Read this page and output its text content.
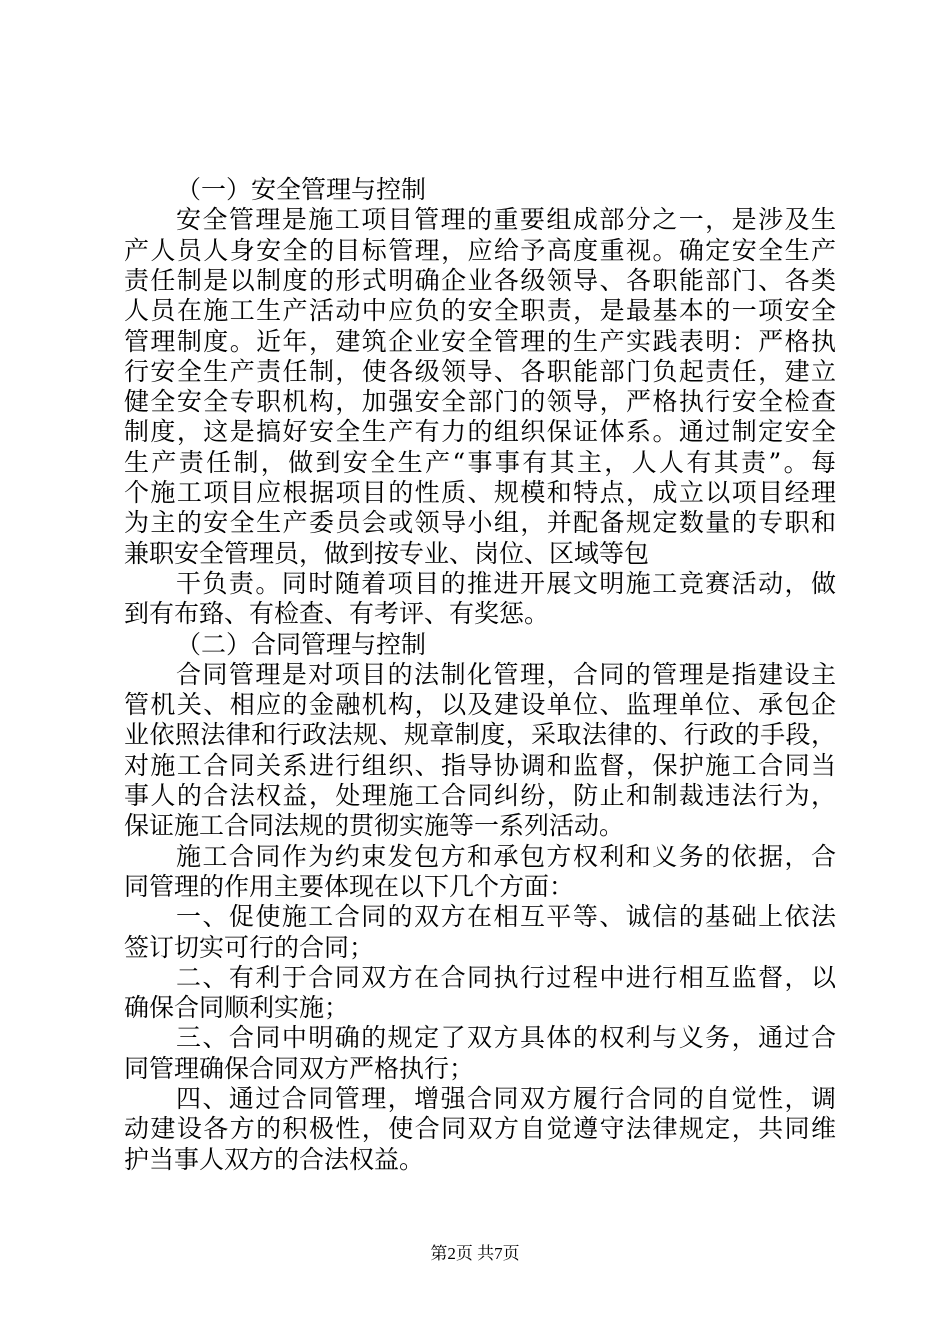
（一）安全管理与控制
安全管理是施工项目管理的重要组成部分之一，是涉及生
产人员人身安全的目标管理，应给予高度重视。确定安全生产
责任制是以制度的形式明确企业各级领导、各职能部门、各类
人员在施工生产活动中应负的安全职责，是最基本的一项安全
管理制度。近年，建筑企业安全管理的生产实践表明：严格执
行安全生产责任制，使各级领导、各职能部门负起责任，建立
健全安全专职机构，加强安全部门的领导，严格执行安全检查
制度，这是搞好安全生产有力的组织保证体系。通过制定安全
生产责任制，做到安全生产“事事有其主，人人有其责”。每
个施工项目应根据项目的性质、规模和特点，成立以项目经理
为主的安全生产委员会或领导小组，并配备规定数量的专职和
兼职安全管理员，做到按专业、岗位、区域等包
干负责。同时随着项目的推进开展文明施工竞赛活动，做
到有布臵、有检查、有考评、有奖惩。
（二）合同管理与控制
合同管理是对项目的法制化管理，合同的管理是指建设主
管机关、相应的金融机构，以及建设单位、监理单位、承包企
业依照法律和行政法规、规章制度，采取法律的、行政的手段，
对施工合同关系进行组织、指导协调和监督，保护施工合同当
事人的合法权益，处理施工合同纠纷，防止和制裁违法行为，
保证施工合同法规的贯彻实施等一系列活动。
施工合同作为约束发包方和承包方权利和义务的依据，合
同管理的作用主要体现在以下几个方面：
一、促使施工合同的双方在相互平等、诚信的基础上依法
签订切实可行的合同；
二、有利于合同双方在合同执行过程中进行相互监督，以
确保合同顺利实施；
三、合同中明确的规定了双方具体的权利与义务，通过合
同管理确保合同双方严格执行；
四、通过合同管理，增强合同双方履行合同的自觉性，调
动建设各方的积极性，使合同双方自觉遵守法律规定，共同维
护当事人双方的合法权益。
第2页 共7页
